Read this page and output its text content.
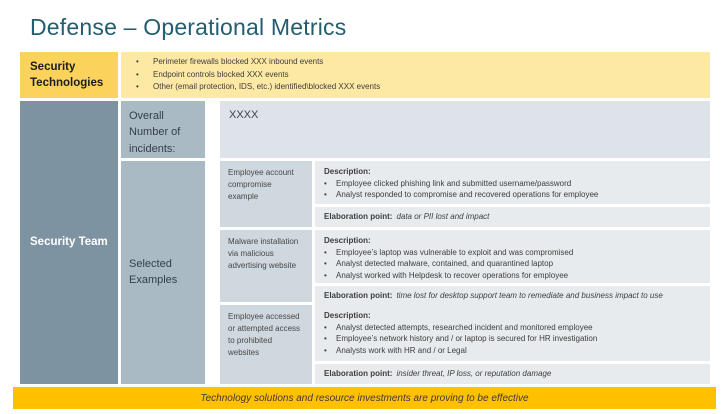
Defense – Operational Metrics
Security Technologies
•	Perimeter firewalls blocked XXX inbound events
•	Endpoint controls blocked XXX events
•	Other (email protection, IDS, etc.) identified\blocked XXX events
Security Team
Overall Number of incidents:
XXXX
Selected Examples
Employee account compromise example
Description:
•	Employee clicked phishing link and submitted username/password
•	Analyst responded to compromise and recovered operations for employee
Elaboration point: data or PII lost and impact
Malware installation via malicious advertising website
Description:
•	Employee’s laptop was vulnerable to exploit and was compromised
•	Analyst detected malware, contained, and quarantined laptop
•	Analyst worked with Helpdesk to recover operations for employee
Elaboration point: time lost for desktop support team to remediate and business impact to use
Employee accessed or attempted access to prohibited websites
Description:
•	Analyst detected attempts, researched incident and monitored employee
•	Employee’s network history and / or laptop is secured for HR investigation
•	Analysts work with HR and / or Legal
Elaboration point: insider threat, IP loss, or reputation damage
Technology solutions and resource investments are proving to be effective
